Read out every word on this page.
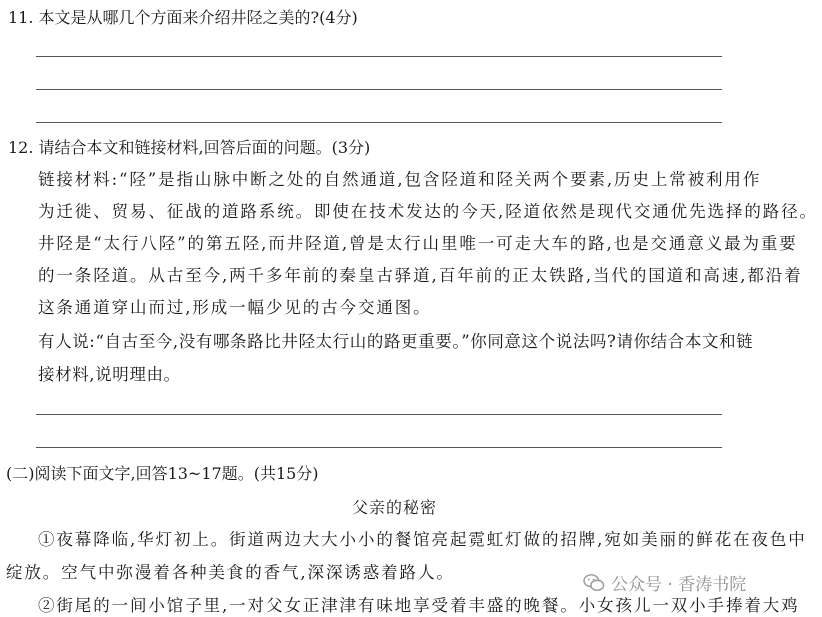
11. 本文是从哪几个方面来介绍井陉之美的?(4分)
12. 请结合本文和链接材料,回答后面的问题。(3分)
链接材料:“陉”是指山脉中断之处的自然通道,包含陉道和陉关两个要素,历史上常被利用作
为迁徙、贸易、征战的道路系统。即使在技术发达的今天,陉道依然是现代交通优先选择的路径。
井陉是“太行八陉”的第五陉,而井陉道,曾是太行山里唯一可走大车的路,也是交通意义最为重要
的一条陉道。从古至今,两千多年前的秦皇古驿道,百年前的正太铁路,当代的国道和高速,都沿着
这条通道穿山而过,形成一幅少见的古今交通图。
有人说:“自古至今,没有哪条路比井陉太行山的路更重要。”你同意这个说法吗?请你结合本文和链
接材料,说明理由。
(二)阅读下面文字,回答13~17题。(共15分)
父亲的秘密
①夜幕降临,华灯初上。街道两边大大小小的餐馆亮起霓虹灯做的招牌,宛如美丽的鲜花在夜色中
绽放。空气中弥漫着各种美食的香气,深深诱惑着路人。
②街尾的一间小馆子里,一对父女正津津有味地享受着丰盛的晚餐。小女孩儿一双小手捧着大鸡
公众号 · 香涛书院
